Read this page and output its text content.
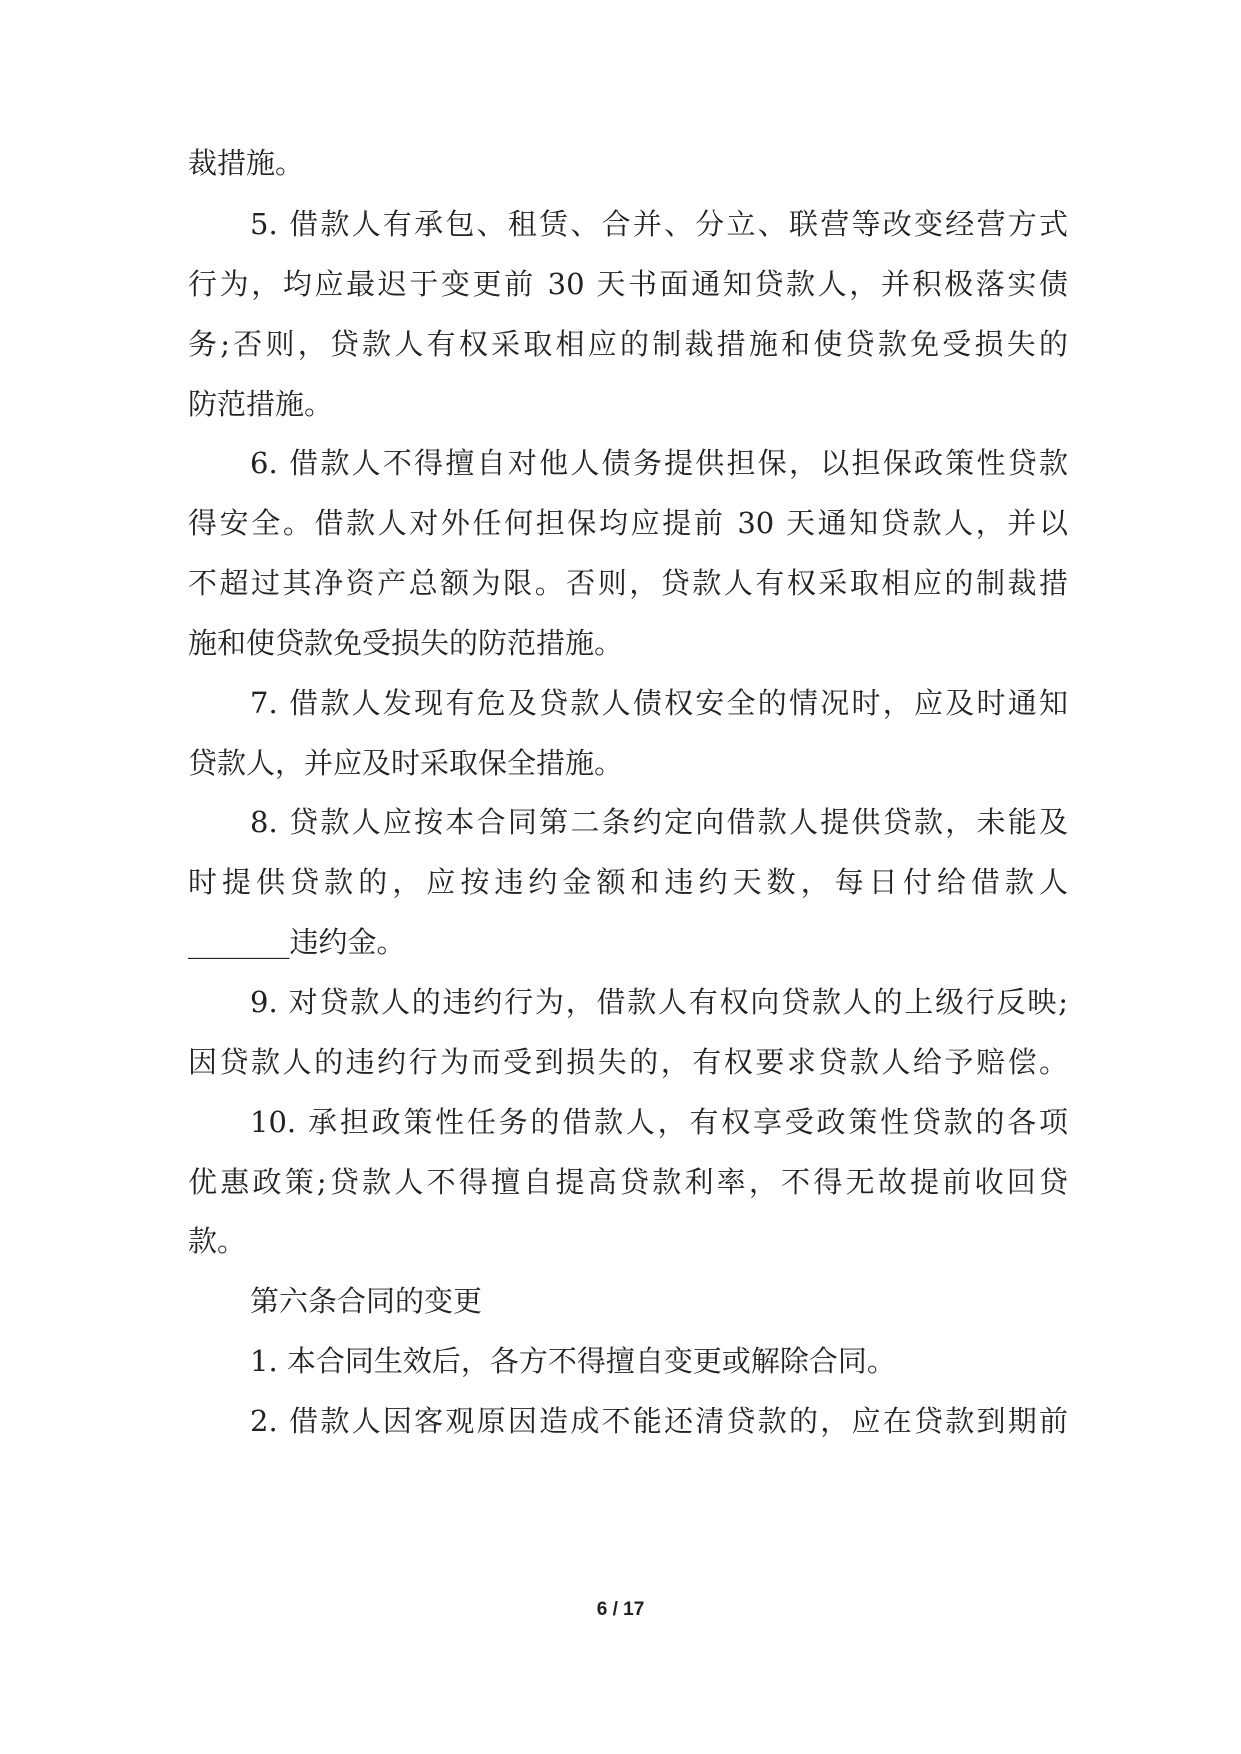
裁措施。
5. 借款人有承包、租赁、合并、分立、联营等改变经营方式
行为，均应最迟于变更前 30 天书面通知贷款人，并积极落实债
务;否则，贷款人有权采取相应的制裁措施和使贷款免受损失的
防范措施。
6. 借款人不得擅自对他人债务提供担保，以担保政策性贷款
得安全。借款人对外任何担保均应提前 30 天通知贷款人，并以
不超过其净资产总额为限。否则，贷款人有权采取相应的制裁措
施和使贷款免受损失的防范措施。
7. 借款人发现有危及贷款人债权安全的情况时，应及时通知
贷款人，并应及时采取保全措施。
8. 贷款人应按本合同第二条约定向借款人提供贷款，未能及
时提供贷款的，应按违约金额和违约天数，每日付给借款人
_______违约金。
9. 对贷款人的违约行为，借款人有权向贷款人的上级行反映;
因贷款人的违约行为而受到损失的，有权要求贷款人给予赔偿。
10. 承担政策性任务的借款人，有权享受政策性贷款的各项
优惠政策;贷款人不得擅自提高贷款利率，不得无故提前收回贷
款。
第六条合同的变更
1. 本合同生效后，各方不得擅自变更或解除合同。
2. 借款人因客观原因造成不能还清贷款的，应在贷款到期前
6 / 17
